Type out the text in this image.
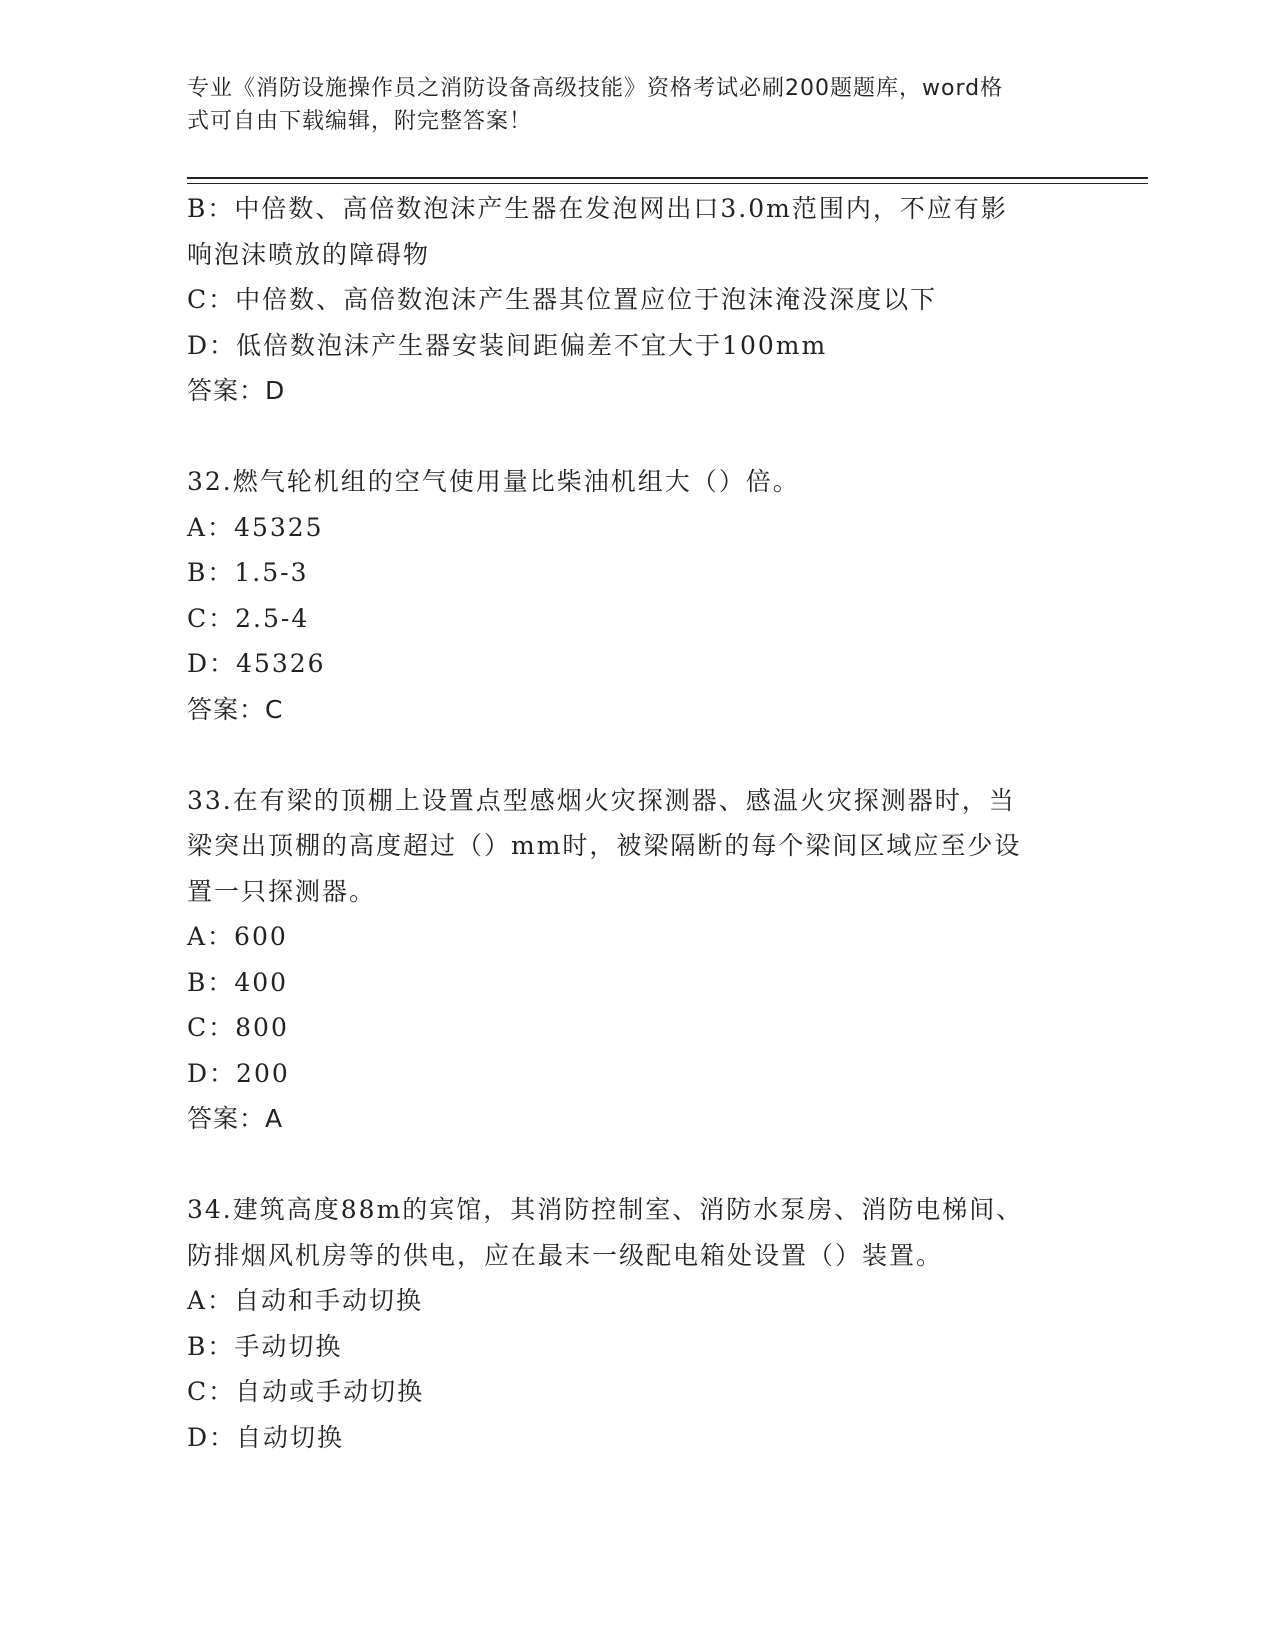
专业《消防设施操作员之消防设备高级技能》资格考试必刷200题题库，word格
式可自由下载编辑，附完整答案！

B：中倍数、高倍数泡沫产生器在发泡网出口3.0m范围内，不应有影

响泡沫喷放的障碍物

C：中倍数、高倍数泡沫产生器其位置应位于泡沫淹没深度以下

D：低倍数泡沫产生器安装间距偏差不宜大于100mm

答案：D

32.燃气轮机组的空气使用量比柴油机组大（）倍。

A：45325

B：1.5-3

C：2.5-4

D：45326

答案：C

33.在有梁的顶棚上设置点型感烟火灾探测器、感温火灾探测器时，当

梁突出顶棚的高度超过（）mm时，被梁隔断的每个梁间区域应至少设

置一只探测器。

A：600

B：400

C：800

D：200

答案：A

34.建筑高度88m的宾馆，其消防控制室、消防水泵房、消防电梯间、

防排烟风机房等的供电，应在最末一级配电箱处设置（）装置。

A：自动和手动切换

B：手动切换

C：自动或手动切换

D：自动切换
